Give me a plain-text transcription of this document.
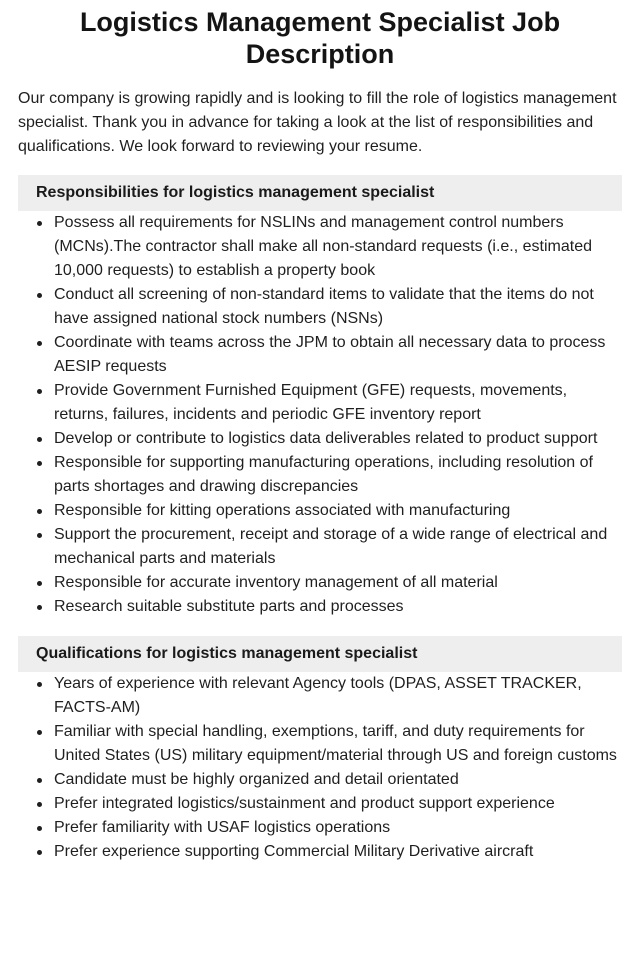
Logistics Management Specialist Job Description

Our company is growing rapidly and is looking to fill the role of logistics management specialist. Thank you in advance for taking a look at the list of responsibilities and qualifications. We look forward to reviewing your resume.

Responsibilities for logistics management specialist
Possess all requirements for NSLINs and management control numbers (MCNs).The contractor shall make all non-standard requests (i.e., estimated 10,000 requests) to establish a property book
Conduct all screening of non-standard items to validate that the items do not have assigned national stock numbers (NSNs)
Coordinate with teams across the JPM to obtain all necessary data to process AESIP requests
Provide Government Furnished Equipment (GFE) requests, movements, returns, failures, incidents and periodic GFE inventory report
Develop or contribute to logistics data deliverables related to product support
Responsible for supporting manufacturing operations, including resolution of parts shortages and drawing discrepancies
Responsible for kitting operations associated with manufacturing
Support the procurement, receipt and storage of a wide range of electrical and mechanical parts and materials
Responsible for accurate inventory management of all material
Research suitable substitute parts and processes
Qualifications for logistics management specialist
Years of experience with relevant Agency tools (DPAS, ASSET TRACKER, FACTS-AM)
Familiar with special handling, exemptions, tariff, and duty requirements for United States (US) military equipment/material through US and foreign customs
Candidate must be highly organized and detail orientated
Prefer integrated logistics/sustainment and product support experience
Prefer familiarity with USAF logistics operations
Prefer experience supporting Commercial Military Derivative aircraft
